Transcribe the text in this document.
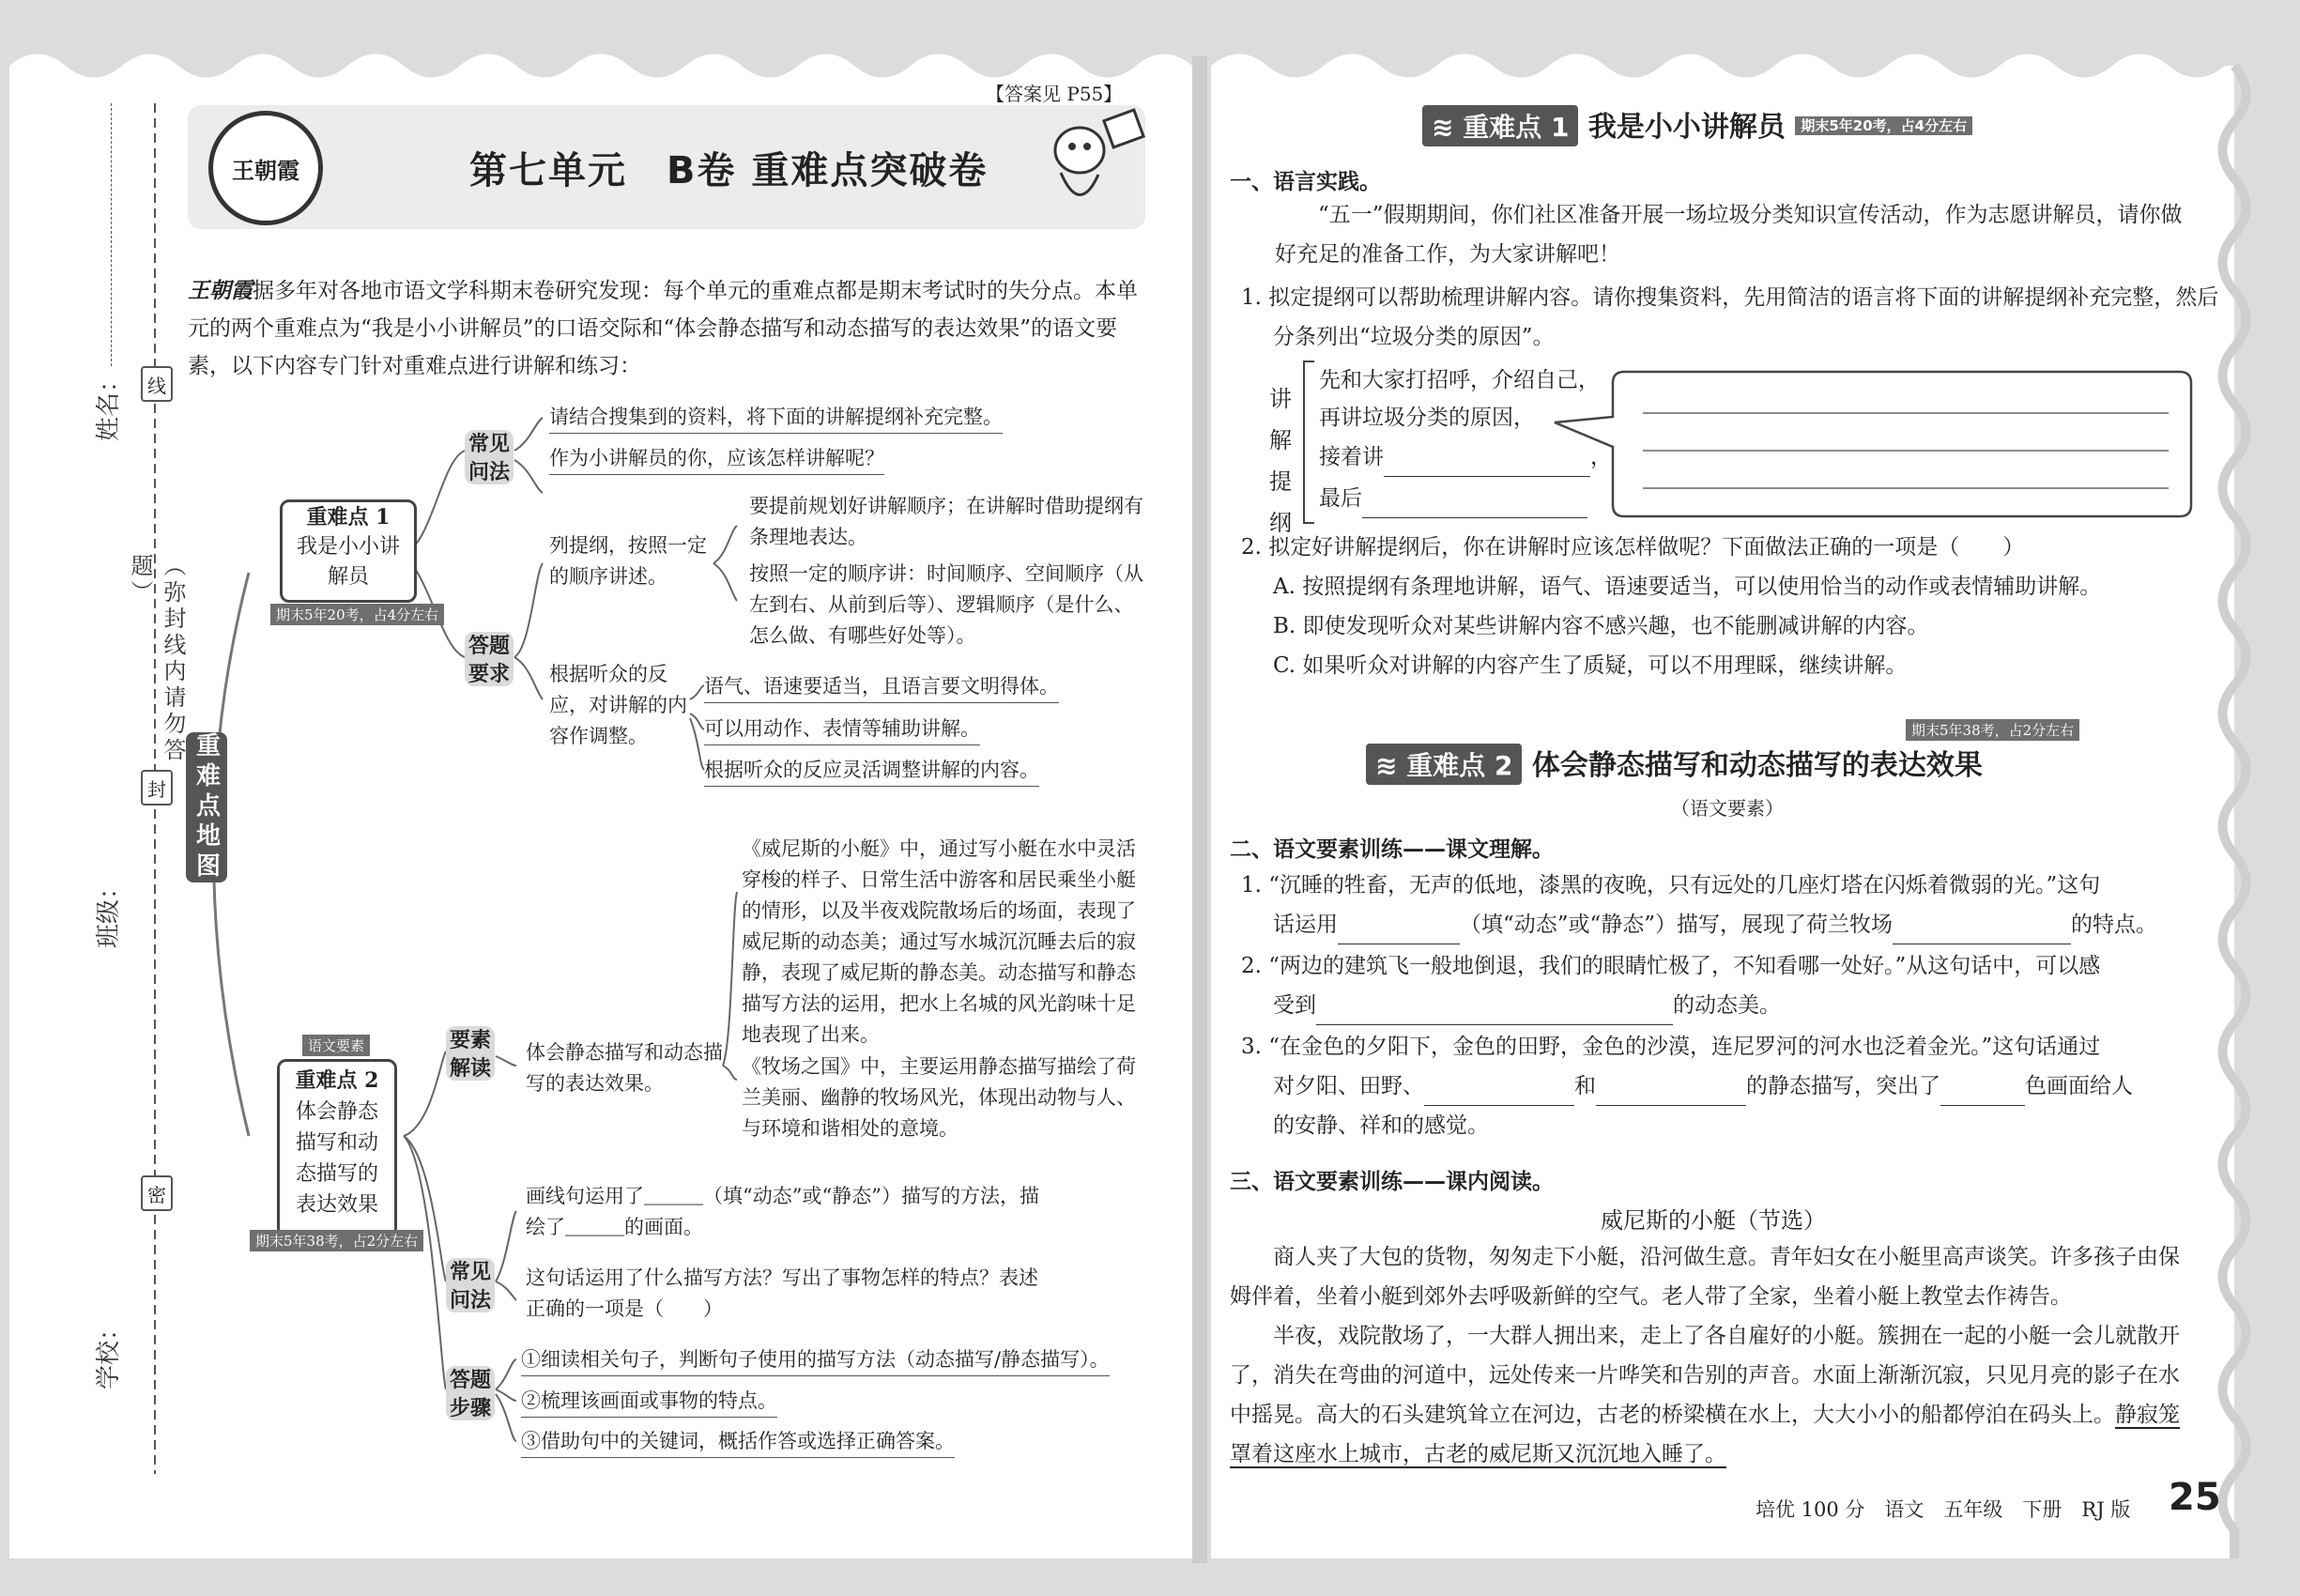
姓名：
班级：
学校：
（弥封线内请勿答题）
线
封
密
王朝霞
【答案见 P55】
第七单元　B卷 重难点突破卷
王朝霞据多年对各地市语文学科期末卷研究发现：每个单元的重难点都是期末考试时的失分点。本单元的两个重难点为“我是小小讲解员”的口语交际和“体会静态描写和动态描写的表达效果”的语文要素，以下内容专门针对重难点进行讲解和练习：
重难点地图
重难点 1
我是小小讲
解员
期末5年20考，占4分左右
常见问法
请结合搜集到的资料，将下面的讲解提纲补充完整。
作为小讲解员的你，应该怎样讲解呢？
答题要求
列提纲，按照一定的顺序讲述。
要提前规划好讲解顺序；在讲解时借助提纲有条理地表达。
按照一定的顺序讲：时间顺序、空间顺序（从左到右、从前到后等）、逻辑顺序（是什么、怎么做、有哪些好处等）。
根据听众的反应，对讲解的内容作调整。
语气、语速要适当，且语言要文明得体。
可以用动作、表情等辅助讲解。
根据听众的反应灵活调整讲解的内容。
语文要素
重难点 2
体会静态
描写和动
态描写的
表达效果
期末5年38考，占2分左右
要素解读
体会静态描写和动态描写的表达效果。
《威尼斯的小艇》中，通过写小艇在水中灵活穿梭的样子、日常生活中游客和居民乘坐小艇的情形，以及半夜戏院散场后的场面，表现了威尼斯的动态美；通过写水城沉沉睡去后的寂静，表现了威尼斯的静态美。动态描写和静态描写方法的运用，把水上名城的风光韵味十足地表现了出来。
《牧场之国》中，主要运用静态描写描绘了荷兰美丽、幽静的牧场风光，体现出动物与人、与环境和谐相处的意境。
常见问法
画线句运用了＿＿＿（填“动态”或“静态”）描写的方法，描绘了＿＿＿的画面。
这句话运用了什么描写方法？写出了事物怎样的特点？表述正确的一项是（　　）
答题步骤
①细读相关句子，判断句子使用的描写方法（动态描写/静态描写）。
②梳理该画面或事物的特点。
③借助句中的关键词，概括作答或选择正确答案。
≋ 重难点 1 我是小小讲解员 $^{期末5年20考,占4分左右}$
一、语言实践。
“五一”假期期间，你们社区准备开展一场垃圾分类知识宣传活动，作为志愿讲解员，请你做好充足的准备工作，为大家讲解吧！
1. 拟定提纲可以帮助梳理讲解内容。请你搜集资料，先用简洁的语言将下面的讲解提纲补充完整，然后分条列出“垃圾分类的原因”。
讲解提纲
先和大家打招呼，介绍自己，
再讲垃圾分类的原因，
接着讲	，
最后
2. 拟定好讲解提纲后，你在讲解时应该怎样做呢？下面做法正确的一项是（　　）
A. 按照提纲有条理地讲解，语气、语速要适当，可以使用恰当的动作或表情辅助讲解。
B. 即使发现听众对某些讲解内容不感兴趣，也不能删减讲解的内容。
C. 如果听众对讲解的内容产生了质疑，可以不用理睬，继续讲解。
期末5年38考，占2分左右
≋ 重难点 2 体会静态描写和动态描写的表达效果
（语文要素）
二、语文要素训练——课文理解。
1. “沉睡的牲畜，无声的低地，漆黑的夜晚，只有远处的几座灯塔在闪烁着微弱的光。”这句
话运用	（填“动态”或“静态”）描写，展现了荷兰牧场	的特点。
2. “两边的建筑飞一般地倒退，我们的眼睛忙极了，不知看哪一处好。”从这句话中，可以感
受到	的动态美。
3. “在金色的夕阳下，金色的田野，金色的沙漠，连尼罗河的河水也泛着金光。”这句话通过
对夕阳、田野、	和	的静态描写，突出了	色画面给人
的安静、祥和的感觉。
三、语文要素训练——课内阅读。
威尼斯的小艇（节选）
商人夹了大包的货物，匆匆走下小艇，沿河做生意。青年妇女在小艇里高声谈笑。许多孩子由保姆伴着，坐着小艇到郊外去呼吸新鲜的空气。老人带了全家，坐着小艇上教堂去作祷告。
半夜，戏院散场了，一大群人拥出来，走上了各自雇好的小艇。簇拥在一起的小艇一会儿就散开了，消失在弯曲的河道中，远处传来一片哗笑和告别的声音。水面上渐渐沉寂，只见月亮的影子在水中摇晃。高大的石头建筑耸立在河边，古老的桥梁横在水上，大大小小的船都停泊在码头上。静寂笼罩着这座水上城市，古老的威尼斯又沉沉地入睡了。
培优 100 分　语文　五年级　下册　RJ 版 25
